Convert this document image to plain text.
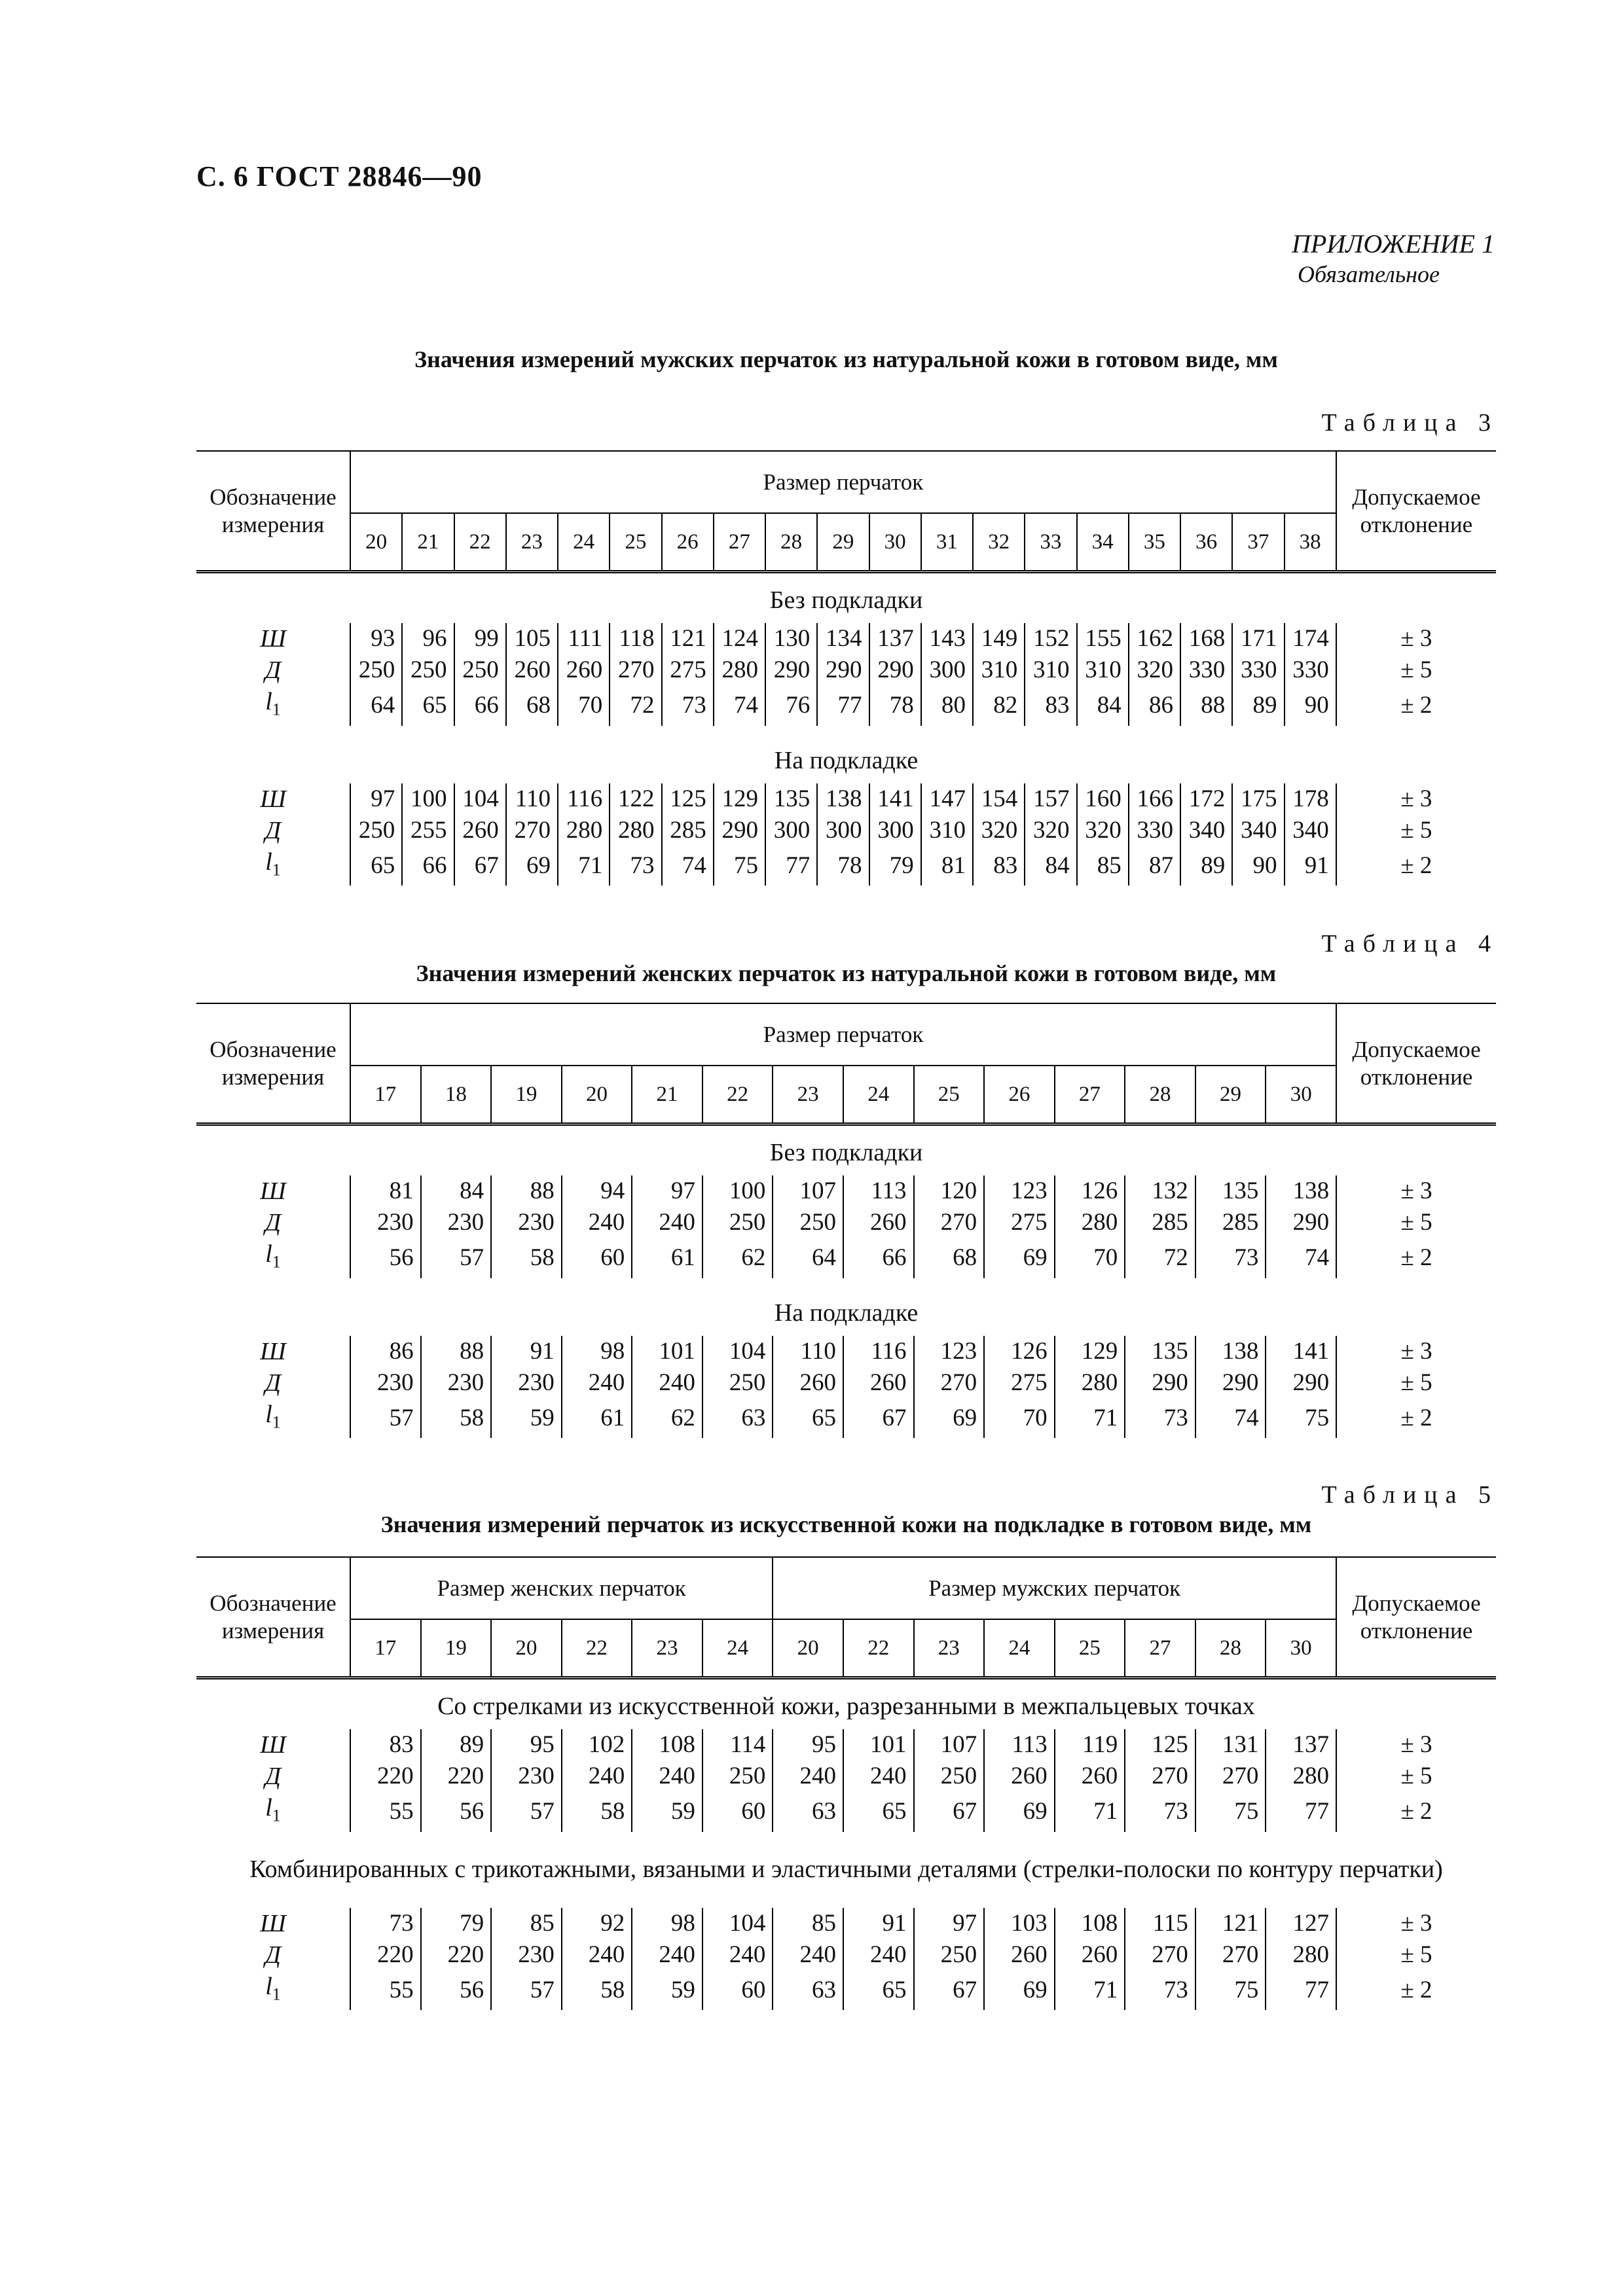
С. 6 ГОСТ 28846—90
ПРИЛОЖЕНИЕ 1
Обязательное
Значения измерений мужских перчаток из натуральной кожи в готовом виде, мм
Таблица 3
Обозначение измерения	Размер перчаток																			Допускаемое отклонение
	20	21	22	23	24	25	26	27	28	29	30	31	32	33	34	35	36	37	38	
Без подкладки																				
Ш	93	96	99	105	111	118	121	124	130	134	137	143	149	152	155	162	168	171	174	± 3
Д	250	250	250	260	260	270	275	280	290	290	290	300	310	310	310	320	330	330	330	± 5
$l_1$	64	65	66	68	70	72	73	74	76	77	78	80	82	83	84	86	88	89	90	± 2

На подкладке																				
Ш	97	100	104	110	116	122	125	129	135	138	141	147	154	157	160	166	172	175	178	± 3
Д	250	255	260	270	280	280	285	290	300	300	300	310	320	320	320	330	340	340	340	± 5
$l_1$	65	66	67	69	71	73	74	75	77	78	79	81	83	84	85	87	89	90	91	± 2

Таблица 4
Значения измерений женских перчаток из натуральной кожи в готовом виде, мм
Обозначение измерения	Размер перчаток														Допускаемое отклонение
	17	18	19	20	21	22	23	24	25	26	27	28	29	30	
Без подкладки															
Ш	81	84	88	94	97	100	107	113	120	123	126	132	135	138	± 3
Д	230	230	230	240	240	250	250	260	270	275	280	285	285	290	± 5
$l_1$	56	57	58	60	61	62	64	66	68	69	70	72	73	74	± 2

На подкладке															
Ш	86	88	91	98	101	104	110	116	123	126	129	135	138	141	± 3
Д	230	230	230	240	240	250	260	260	270	275	280	290	290	290	± 5
$l_1$	57	58	59	61	62	63	65	67	69	70	71	73	74	75	± 2

Таблица 5
Значения измерений перчаток из искусственной кожи на подкладке в готовом виде, мм
Обозначение измерения	Размер женских перчаток						Размер мужских перчаток								Допускаемое отклонение
	17	19	20	22	23	24	20	22	23	24	25	27	28	30	
Со стрелками из искусственной кожи, разрезанными в межпальцевых точках															
Ш	83	89	95	102	108	114	95	101	107	113	119	125	131	137	± 3
Д	220	220	230	240	240	250	240	240	250	260	260	270	270	280	± 5
$l_1$	55	56	57	58	59	60	63	65	67	69	71	73	75	77	± 2

Комбинированных с трикотажными, вязаными и эластичными деталями (стрелки-полоски по контуру перчатки)															
Ш	73	79	85	92	98	104	85	91	97	103	108	115	121	127	± 3
Д	220	220	230	240	240	240	240	240	250	260	260	270	270	280	± 5
$l_1$	55	56	57	58	59	60	63	65	67	69	71	73	75	77	± 2
